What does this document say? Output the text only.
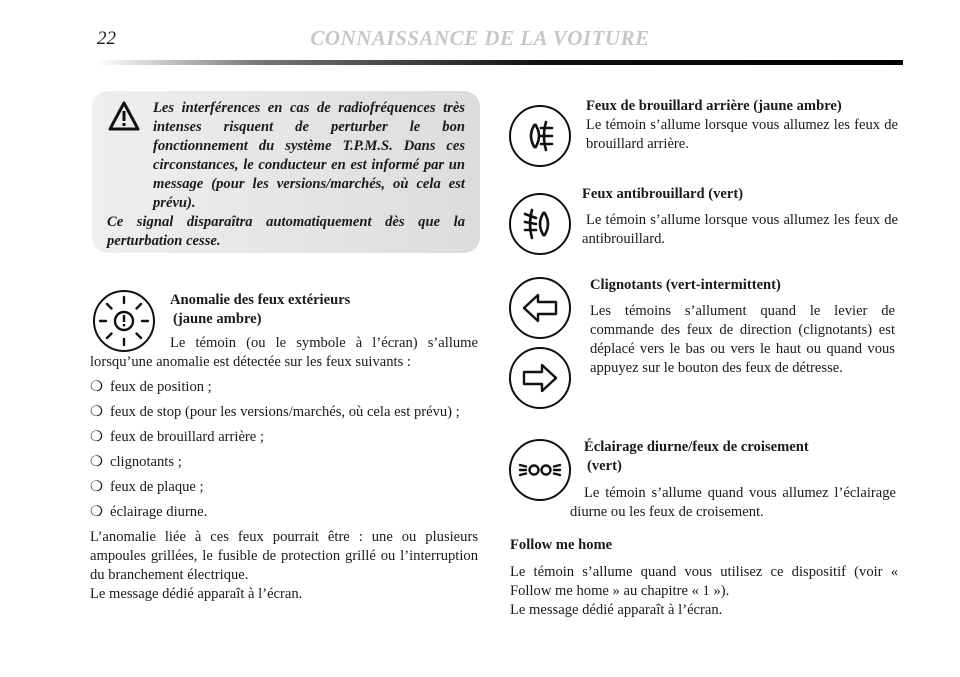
22	CONNAISSANCE DE LA VOITURE

Les interférences en cas de radiofréquences très intenses risquent de perturber le bon fonctionnement du système T.P.M.S. Dans ces circonstances, le conducteur en est informé par un message (pour les versions/marchés, où cela est prévu).
Ce signal disparaîtra automatiquement dès que la perturbation cesse.

Anomalie des feux extérieurs

(jaune ambre)

Le témoin (ou le symbole à l’écran) s’allume lorsqu’une anomalie est détectée sur les feux suivants :

❍ feux de position ;
❍ feux de stop (pour les versions/marchés, où cela est prévu) ;
❍ feux de brouillard arrière ;
❍ clignotants ;
❍ feux de plaque ;
❍ éclairage diurne.

L’anomalie liée à ces feux pourrait être : une ou plusieurs ampoules grillées, le fusible de protection grillé ou l’interruption du branchement électrique.

Le message dédié apparaît à l’écran.

Feux de brouillard arrière (jaune ambre)

Le témoin s’allume lorsque vous allumez les feux de brouillard arrière.

Feux antibrouillard (vert)

Le témoin s’allume lorsque vous allumez les feux de antibrouillard.

Clignotants (vert-intermittent)

Les témoins s’allument quand le levier de commande des feux de direction (clignotants) est déplacé vers le bas ou vers le haut ou quand vous appuyez sur le bouton des feux de détresse.

Éclairage diurne/feux de croisement

(vert)

Le témoin s’allume quand vous allumez l’éclairage diurne ou les feux de croisement.

Follow me home

Le témoin s’allume quand vous utilisez ce dispositif (voir « Follow me home » au chapitre « 1 »).

Le message dédié apparaît à l’écran.
